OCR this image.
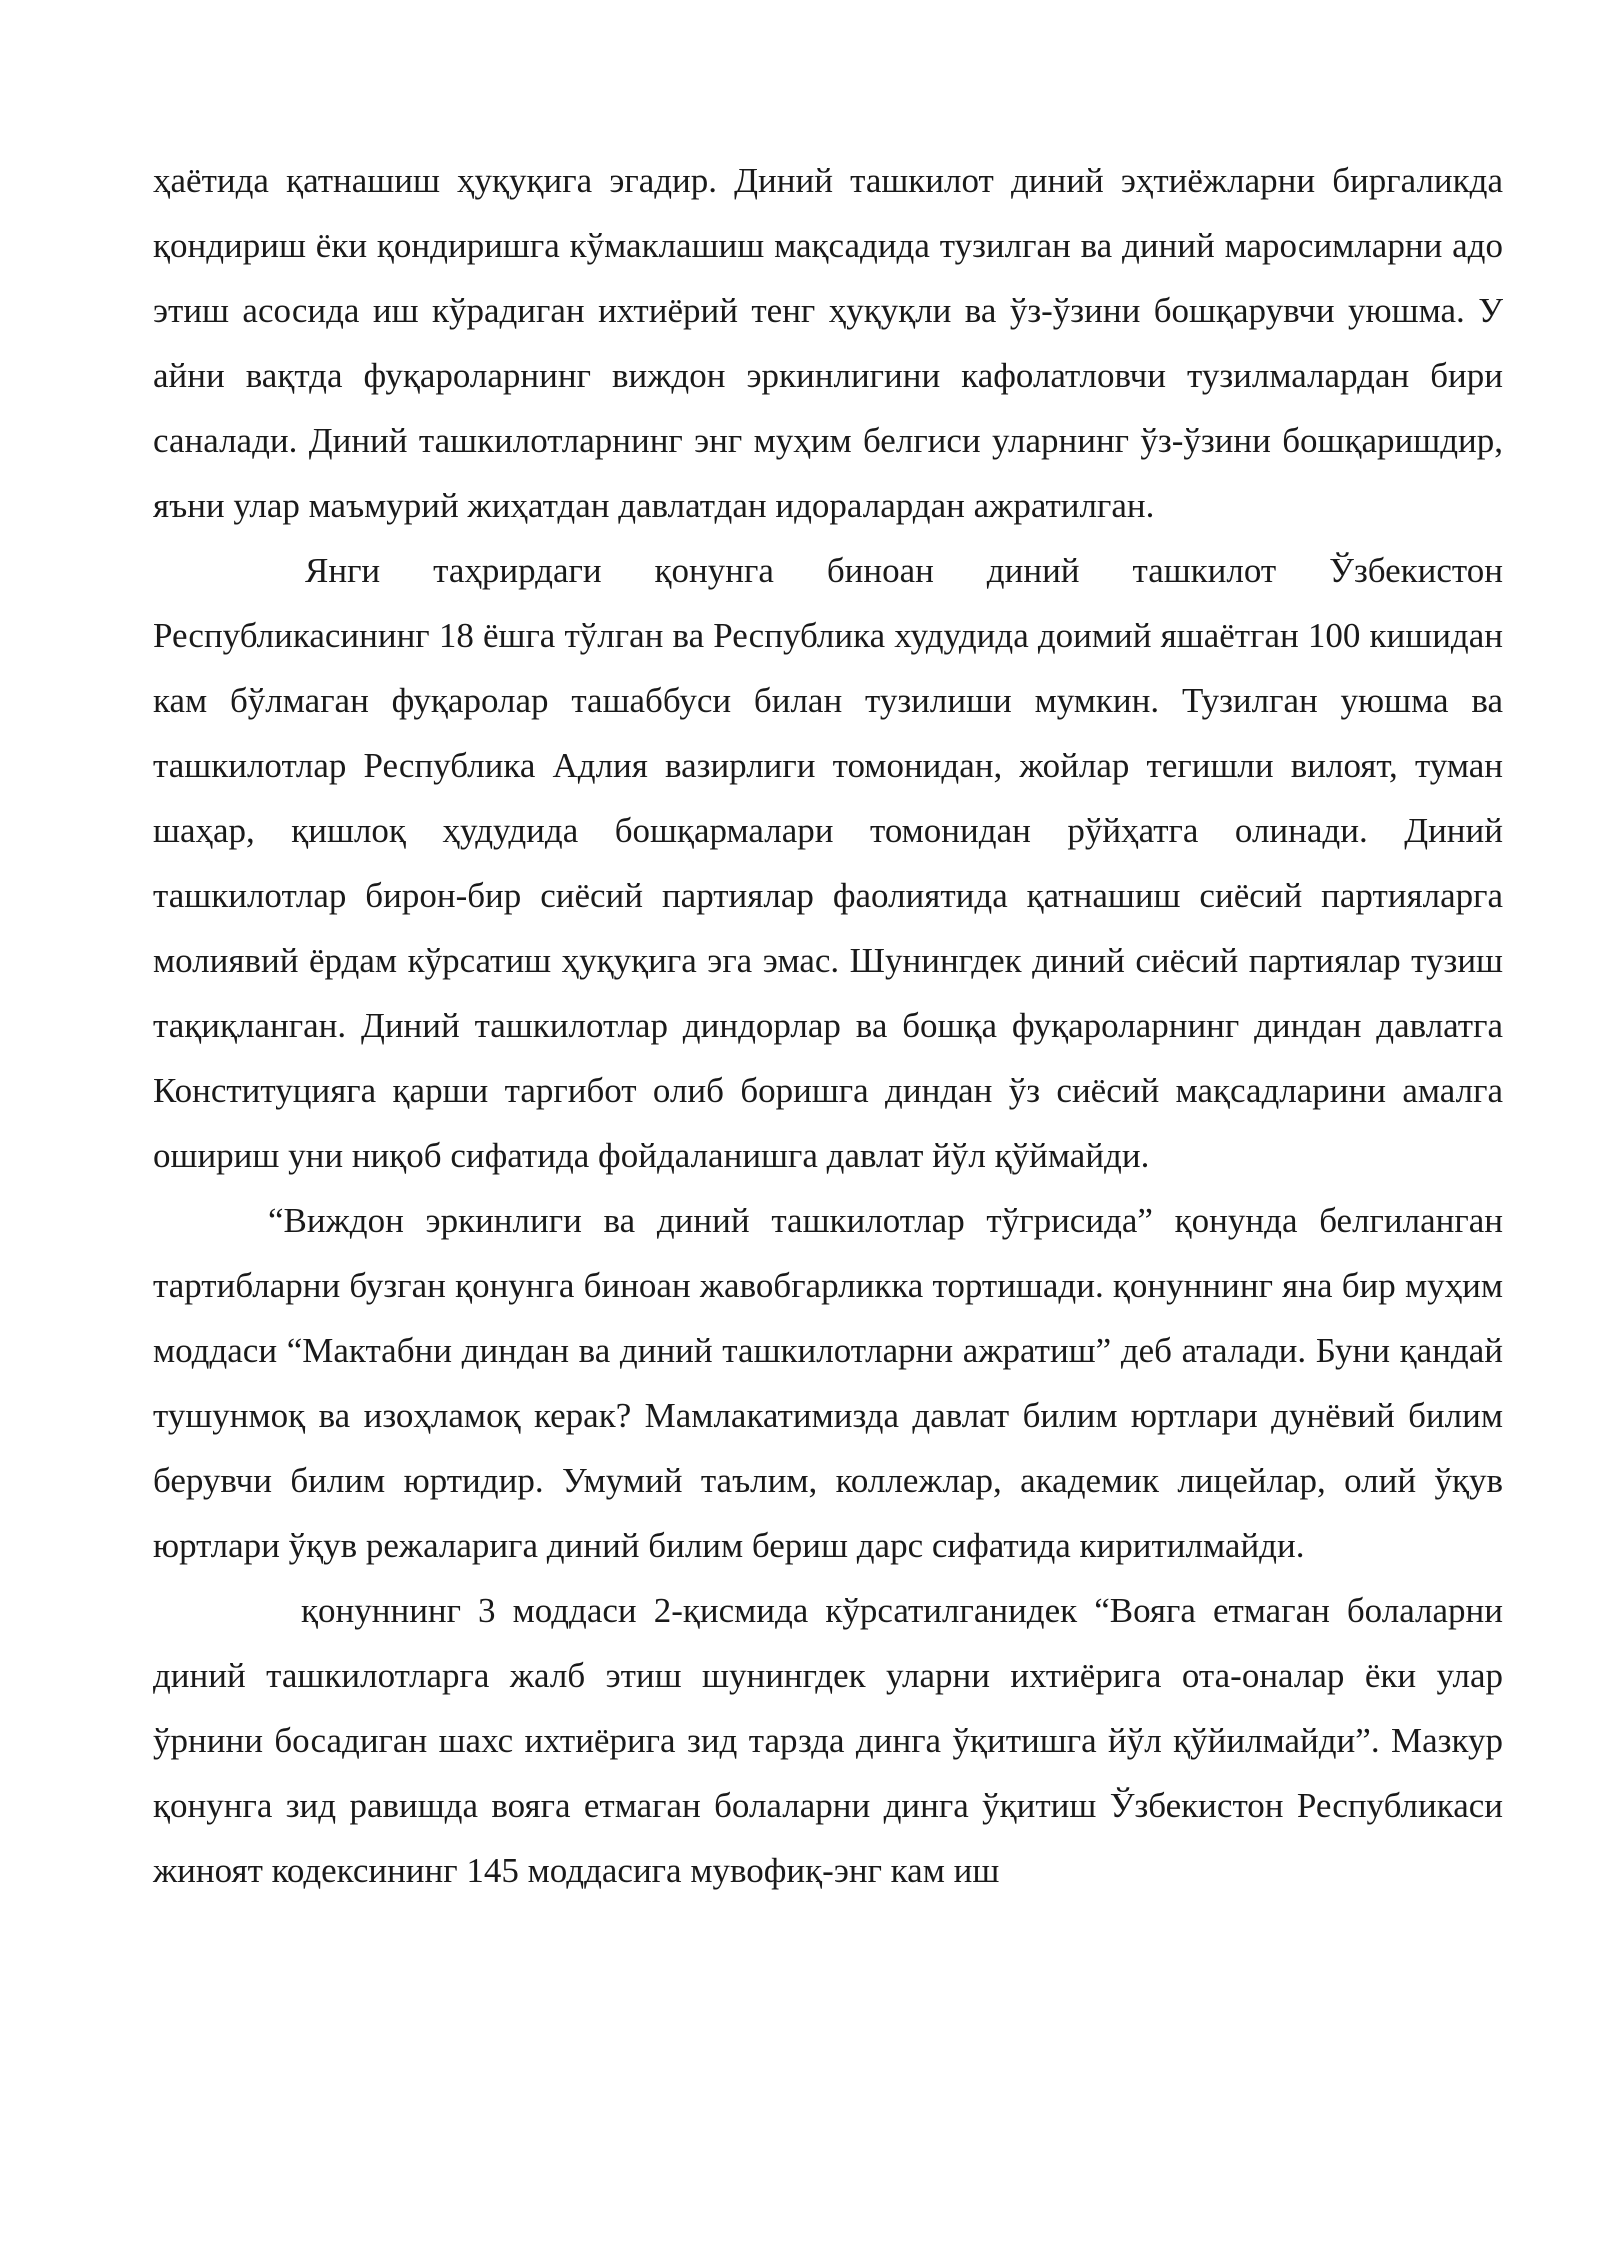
ҳаётида қатнашиш ҳуқуқига эгадир. Диний ташкилот диний эҳтиёжларни биргаликда қондириш ёки қондиришга кўмаклашиш мақсадида тузилган ва диний маросимларни адо этиш асосида иш кўрадиган ихтиёрий тенг ҳуқуқли ва ўз-ўзини бошқарувчи уюшма. У айни вақтда фуқароларнинг виждон эркинлигини кафолатловчи тузилмалардан бири саналади. Диний ташкилотларнинг энг муҳим белгиси уларнинг ўз-ўзини бошқаришдир, яъни улар маъмурий жиҳатдан давлатдан идоралардан ажратилган.

Янги таҳрирдаги қонунга биноан диний ташкилот Ўзбекистон Республикасининг 18 ёшга тўлган ва Республика худудида доимий яшаётган 100 кишидан кам бўлмаган фуқаролар ташаббуси билан тузилиши мумкин. Тузилган уюшма ва ташкилотлар Республика Адлия вазирлиги томонидан, жойлар тегишли вилоят, туман шаҳар, қишлоқ ҳудудида бошқармалари томонидан рўйҳатга олинади. Диний ташкилотлар бирон-бир сиёсий партиялар фаолиятида қатнашиш сиёсий партияларга молиявий ёрдам кўрсатиш ҳуқуқига эга эмас. Шунингдек диний сиёсий партиялар тузиш тақиқланган. Диний ташкилотлар диндорлар ва бошқа фуқароларнинг диндан давлатга Конституцияга қарши таргибот олиб боришга диндан ўз сиёсий мақсадларини амалга ошириш уни ниқоб сифатида фойдаланишга давлат йўл қўймайди.

“Виждон эркинлиги ва диний ташкилотлар тўгрисида” қонунда белгиланган тартибларни бузган қонунга биноан жавобгарликка тортишади. қонуннинг яна бир муҳим моддаси “Мактабни диндан ва диний ташкилотларни ажратиш” деб аталади. Буни қандай тушунмоқ ва изоҳламоқ керак? Мамлакатимизда давлат билим юртлари дунёвий билим берувчи билим юртидир. Умумий таълим, коллежлар, академик лицейлар, олий ўқув юртлари ўқув режаларига диний билим бериш дарс сифатида киритилмайди.

қонуннинг 3 моддаси 2-қисмида кўрсатилганидек “Вояга етмаган болаларни диний ташкилотларга жалб этиш шунингдек уларни ихтиёрига ота-оналар ёки улар ўрнини босадиган шахс ихтиёрига зид тарзда динга ўқитишга йўл қўйилмайди”. Мазкур қонунга зид равишда вояга етмаган болаларни динга ўқитиш Ўзбекистон Республикаси жиноят кодексининг 145 моддасига мувофиқ-энг кам иш
